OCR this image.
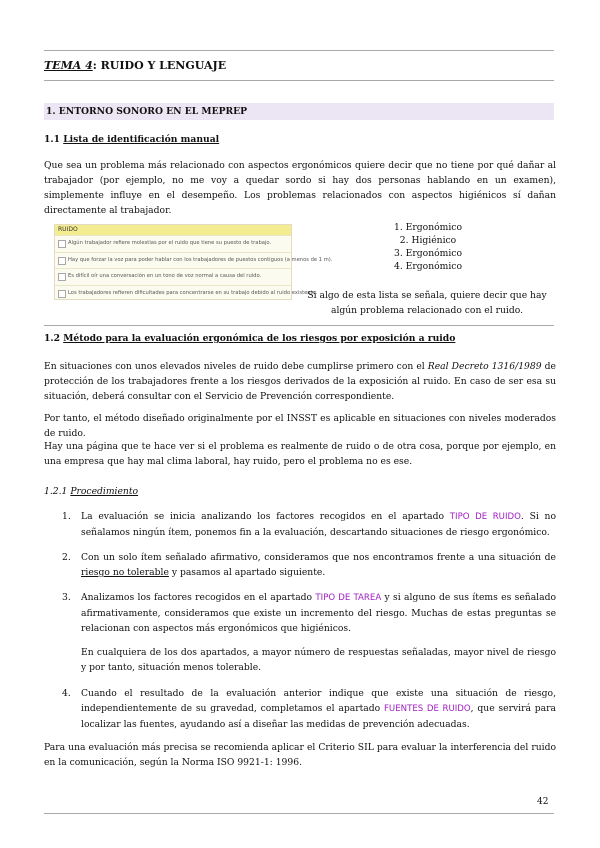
TEMA 4: RUIDO Y LENGUAJE
1. ENTORNO SONORO EN EL MEPREP
1.1 Lista de identificación manual
Que sea un problema más relacionado con aspectos ergonómicos quiere decir que no tiene por qué dañar al trabajador (por ejemplo, no me voy a quedar sordo si hay dos personas hablando en un examen), simplemente influye en el desempeño. Los problemas relacionados con aspectos higiénicos sí dañan directamente al trabajador.
RUIDO
Algún trabajador refiere molestias por el ruido que tiene su puesto de trabajo.
Hay que forzar la voz para poder hablar con los trabajadores de puestos contiguos (a menos de 1 m).
Es difícil oír una conversación en un tono de voz normal a causa del ruido.
Los trabajadores refieren dificultades para concentrarse en su trabajo debido al ruido existente.
1. Ergonómico
2. Higiénico
3. Ergonómico
4. Ergonómico
Si algo de esta lista se señala, quiere decir que hay algún problema relacionado con el ruido.
1.2 Método para la evaluación ergonómica de los riesgos por exposición a ruido
En situaciones con unos elevados niveles de ruido debe cumplirse primero con el Real Decreto 1316/1989 de protección de los trabajadores frente a los riesgos derivados de la exposición al ruido. En caso de ser esa su situación, deberá consultar con el Servicio de Prevención correspondiente.
Por tanto, el método diseñado originalmente por el INSST es aplicable en situaciones con niveles moderados de ruido.
Hay una página que te hace ver si el problema es realmente de ruido o de otra cosa, porque por ejemplo, en una empresa que hay mal clima laboral, hay ruido, pero el problema no es ese.
1.2.1 Procedimiento
1. La evaluación se inicia analizando los factores recogidos en el apartado TIPO DE RUIDO. Si no señalamos ningún ítem, ponemos fin a la evaluación, descartando situaciones de riesgo ergonómico.
2. Con un solo ítem señalado afirmativo, consideramos que nos encontramos frente a una situación de riesgo no tolerable y pasamos al apartado siguiente.
3. Analizamos los factores recogidos en el apartado TIPO DE TAREA y si alguno de sus ítems es señalado afirmativamente, consideramos que existe un incremento del riesgo. Muchas de estas preguntas se relacionan con aspectos más ergonómicos que higiénicos.
En cualquiera de los dos apartados, a mayor número de respuestas señaladas, mayor nivel de riesgo y por tanto, situación menos tolerable.
4. Cuando el resultado de la evaluación anterior indique que existe una situación de riesgo, independientemente de su gravedad, completamos el apartado FUENTES DE RUIDO, que servirá para localizar las fuentes, ayudando así a diseñar las medidas de prevención adecuadas.
Para una evaluación más precisa se recomienda aplicar el Criterio SIL para evaluar la interferencia del ruido en la comunicación, según la Norma ISO 9921-1: 1996.
42
